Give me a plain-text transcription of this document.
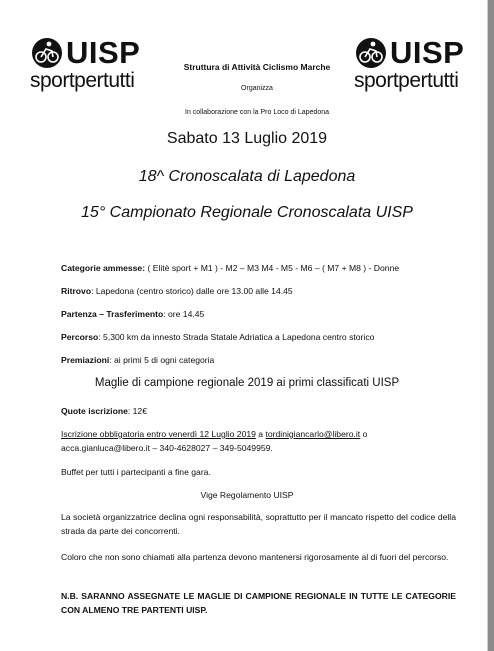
UISP
sportpertutti
UISP
sportpertutti
Struttura di Attività Ciclismo Marche
Organizza
In collaborazione con la Pro Loco di Lapedona
Sabato 13 Luglio 2019
18^ Cronoscalata di Lapedona
15° Campionato Regionale Cronoscalata UISP
Categorie ammesse: ( Elitè sport + M1 ) - M2 – M3 M4 - M5 - M6 – ( M7 + M8 ) - Donne
Ritrovo: Lapedona (centro storico) dalle ore 13.00 alle 14.45
Partenza – Trasferimento: ore 14.45
Percorso: 5,300 km da innesto Strada Statale Adriatica a Lapedona centro storico
Premiazioni: ai primi 5 di ogni categoria
Maglie di campione regionale 2019 ai primi classificati UISP
Quote iscrizione: 12€
Iscrizione obbligatoria entro venerdì 12 Luglio 2019 a tordinigiancarlo@libero.it o
acca.gianluca@libero.it – 340-4628027 – 349-5049959.
Buffet per tutti i partecipanti a fine gara.
Vige Regolamento UISP
La società organizzatrice declina ogni responsabilità, soprattutto per il mancato rispetto del codice della strada da parte dei concorrenti.
Coloro che non sono chiamati alla partenza devono mantenersi rigorosamente al di fuori del percorso.
N.B. SARANNO ASSEGNATE LE MAGLIE DI CAMPIONE REGIONALE IN TUTTE LE CATEGORIE CON ALMENO TRE PARTENTI UISP.
